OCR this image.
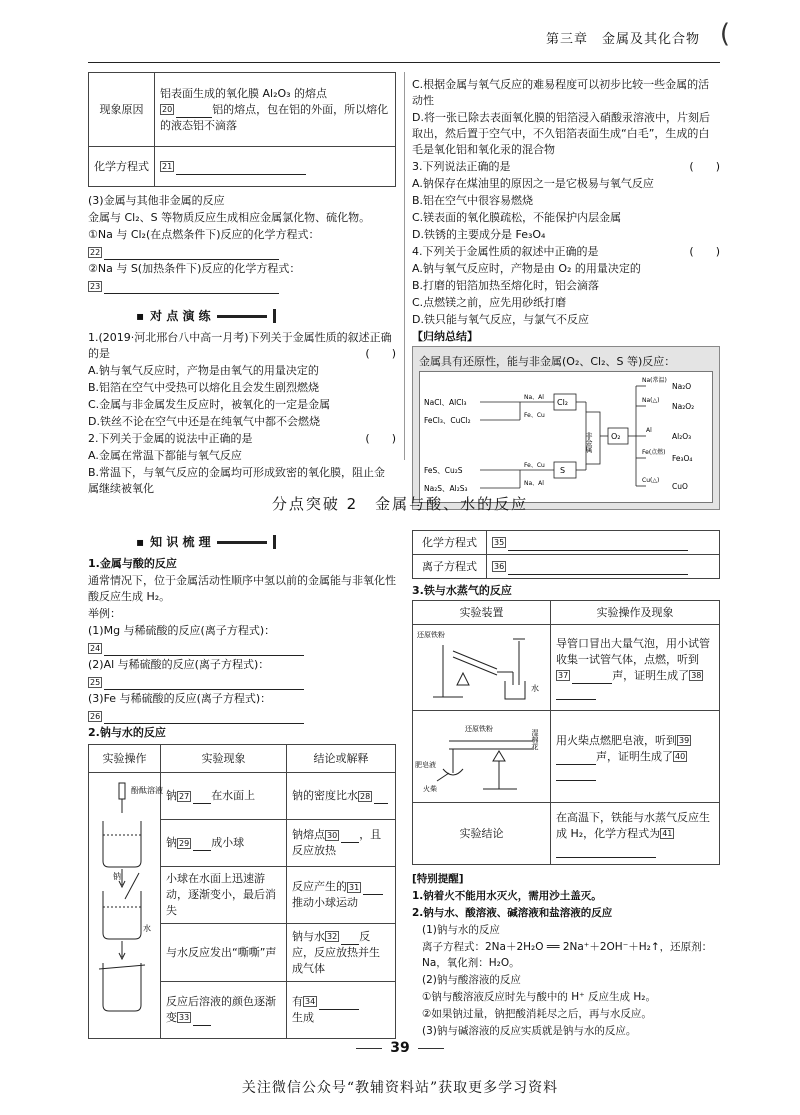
第三章　金属及其化合物 (
现象原因	铝表面生成的氧化膜 Al₂O₃ 的熔点
20 铝的熔点，包在铝的外面，所以熔化的液态铝不滴落
化学方程式	21
(3)金属与其他非金属的反应
金属与 Cl₂、S 等物质反应生成相应金属氯化物、硫化物。
①Na 与 Cl₂(在点燃条件下)反应的化学方程式：
22
②Na 与 S(加热条件下)反应的化学方程式：
23
▪ 对 点 演 练
1.(2019·河北邢台八中高一月考)下列关于金属性质的叙述正确的是	(　　)
A.钠与氧气反应时，产物是由氧气的用量决定的
B.铝箔在空气中受热可以熔化且会发生剧烈燃烧
C.金属与非金属发生反应时，被氧化的一定是金属
D.铁丝不论在空气中还是在纯氧气中都不会燃烧
2.下列关于金属的说法中正确的是	(　　)
A.金属在常温下都能与氧气反应
B.常温下，与氧气反应的金属均可形成致密的氧化膜，阻止金属继续被氧化
C.根据金属与氧气反应的难易程度可以初步比较一些金属的活动性
D.将一张已除去表面氧化膜的铝箔浸入硝酸汞溶液中，片刻后取出，然后置于空气中，不久铝箔表面生成“白毛”，生成的白毛是氧化铝和氧化汞的混合物
3.下列说法正确的是	(　　)
A.钠保存在煤油里的原因之一是它极易与氧气反应
B.铝在空气中很容易燃烧
C.镁表面的氧化膜疏松，不能保护内层金属
D.铁锈的主要成分是 Fe₃O₄
4.下列关于金属性质的叙述中正确的是	(　　)
A.钠与氧气反应时，产物是由 O₂ 的用量决定的
B.打磨的铝箔加热至熔化时，铝会滴落
C.点燃镁之前，应先用砂纸打磨
D.铁只能与氧气反应，与氯气不反应
【归纳总结】
金属具有还原性，能与非金属(O₂、Cl₂、S 等)反应：
NaCl、AlCl₃
FeCl₃、CuCl₂
FeS、Cu₂S
Na₂S、Al₂S₃
Na、Al
Fe、Cu
Fe、Cu
Na、Al
Cl₂
S
O₂
非金属
Na(常温)
Na(△)
Al
Fe(点燃)
Cu(△)
Na₂O
Na₂O₂
Al₂O₃
Fe₃O₄
CuO
分点突破 2　金属与酸、水的反应
▪ 知 识 梳 理
1.金属与酸的反应
通常情况下，位于金属活动性顺序中氢以前的金属能与非氧化性酸反应生成 H₂。
举例：
(1)Mg 与稀硫酸的反应(离子方程式)：
24
(2)Al 与稀硫酸的反应(离子方程式)：
25
(3)Fe 与稀硫酸的反应(离子方程式)：
26
2.钠与水的反应
实验操作	实验现象	结论或解释

酚酞溶液
钠
水	钠 27 在水面上	钠的密度比水 28
	钠 29 成小球	钠熔点 30 ，且反应放热
	小球在水面上迅速游动，逐渐变小，最后消失	反应产生的 31推动小球运动
	与水反应发出“嘶嘶”声	钠与水 32 反应，反应放热并生成气体
	反应后溶液的颜色逐渐变 33	有 34
生成
化学方程式	35
离子方程式	36
3.铁与水蒸气的反应
实验装置	实验操作及现象

还原铁粉
水	导管口冒出大量气泡，用小试管收集一试管气体，点燃，听到37 声，证明生成了 38

还原铁粉 湿棉花
肥皂液
火柴	用火柴点燃肥皂液，听到 39声，证明生成了 40
实验结论	在高温下，铁能与水蒸气反应生成 H₂，化学方程式为 41
[特别提醒]
1.钠着火不能用水灭火，需用沙土盖灭。
2.钠与水、酸溶液、碱溶液和盐溶液的反应
(1)钠与水的反应
离子方程式：2Na＋2H₂O ══ 2Na⁺＋2OH⁻＋H₂↑，还原剂：Na，氧化剂：H₂O。
(2)钠与酸溶液的反应
①钠与酸溶液反应时先与酸中的 H⁺ 反应生成 H₂。
②如果钠过量，钠把酸消耗尽之后，再与水反应。
(3)钠与碱溶液的反应实质就是钠与水的反应。
39
关注微信公众号“教辅资料站”获取更多学习资料
